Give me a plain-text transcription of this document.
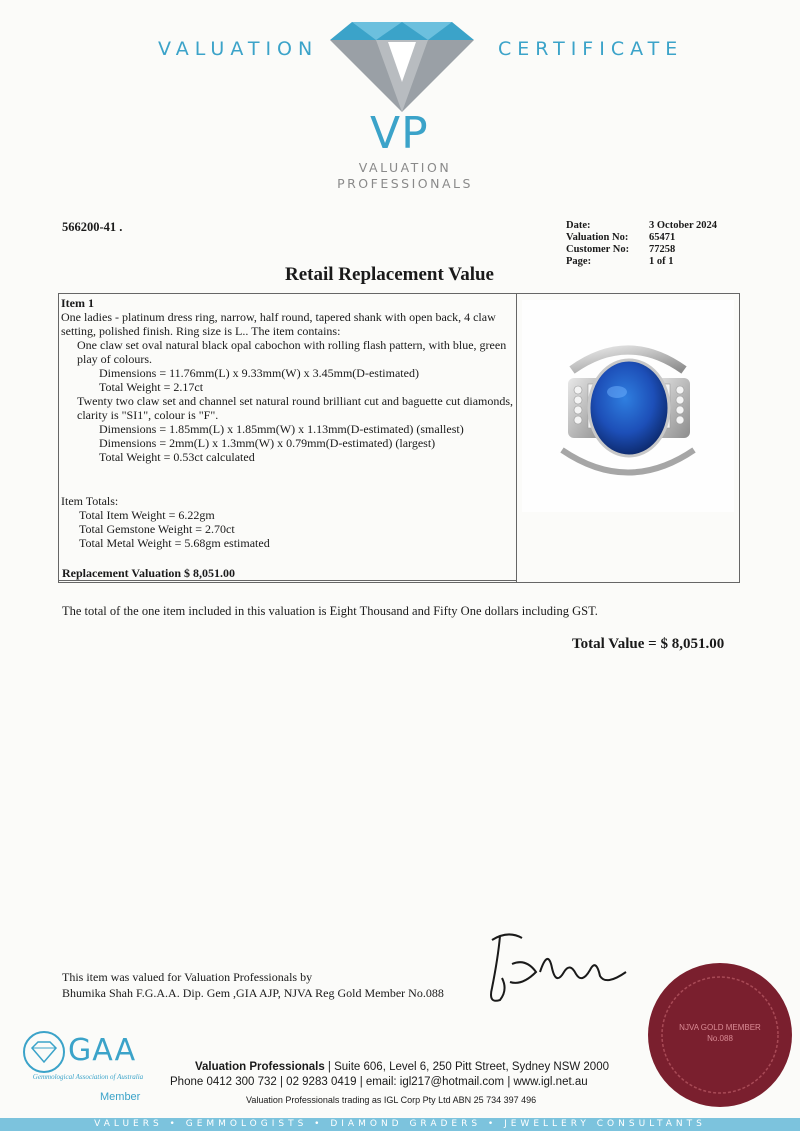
VALUATION	CERTIFICATE
VP
VALUATION
PROFESSIONALS
566200-41 .	Date:	3 October 2024
Valuation No:	65471
Customer No:	77258
Page:	1 of 1
Retail Replacement Value

Item 1

One ladies - platinum dress ring, narrow, half round, tapered shank with open back, 4 claw setting, polished finish. Ring size is L.. The item contains:

One claw set oval natural black opal cabochon with rolling flash pattern, with blue, green play of colours.

Dimensions = 11.76mm(L) x 9.33mm(W) x 3.45mm(D-estimated)

Total Weight = 2.17ct

Twenty two claw set and channel set natural round brilliant cut and baguette cut diamonds, clarity is "SI1", colour is "F".

Dimensions = 1.85mm(L) x 1.85mm(W) x 1.13mm(D-estimated) (smallest)

Dimensions = 2mm(L) x 1.3mm(W) x 0.79mm(D-estimated) (largest)

Total Weight = 0.53ct calculated

Item Totals:
Total Item Weight = 6.22gm
Total Gemstone Weight = 2.70ct
Total Metal Weight = 5.68gm estimated
Replacement Valuation $ 8,051.00
The total of the one item included in this valuation is Eight Thousand and Fifty One dollars including GST.
Total Value = $ 8,051.00
This item was valued for Valuation Professionals by
Bhumika Shah F.G.A.A. Dip. Gem ,GIA AJP, NJVA Reg Gold Member No.088
NJVA GOLD MEMBER
No.088
GAA
Gemmological Association of Australia
Member
Valuation Professionals | Suite 606, Level 6, 250 Pitt Street, Sydney NSW 2000
Phone 0412 300 732 | 02 9283 0419 | email: igl217@hotmail.com | www.igl.net.au
Valuation Professionals trading as IGL Corp Pty Ltd ABN 25 734 397 496
VALUERS • GEMMOLOGISTS • DIAMOND GRADERS • JEWELLERY CONSULTANTS
